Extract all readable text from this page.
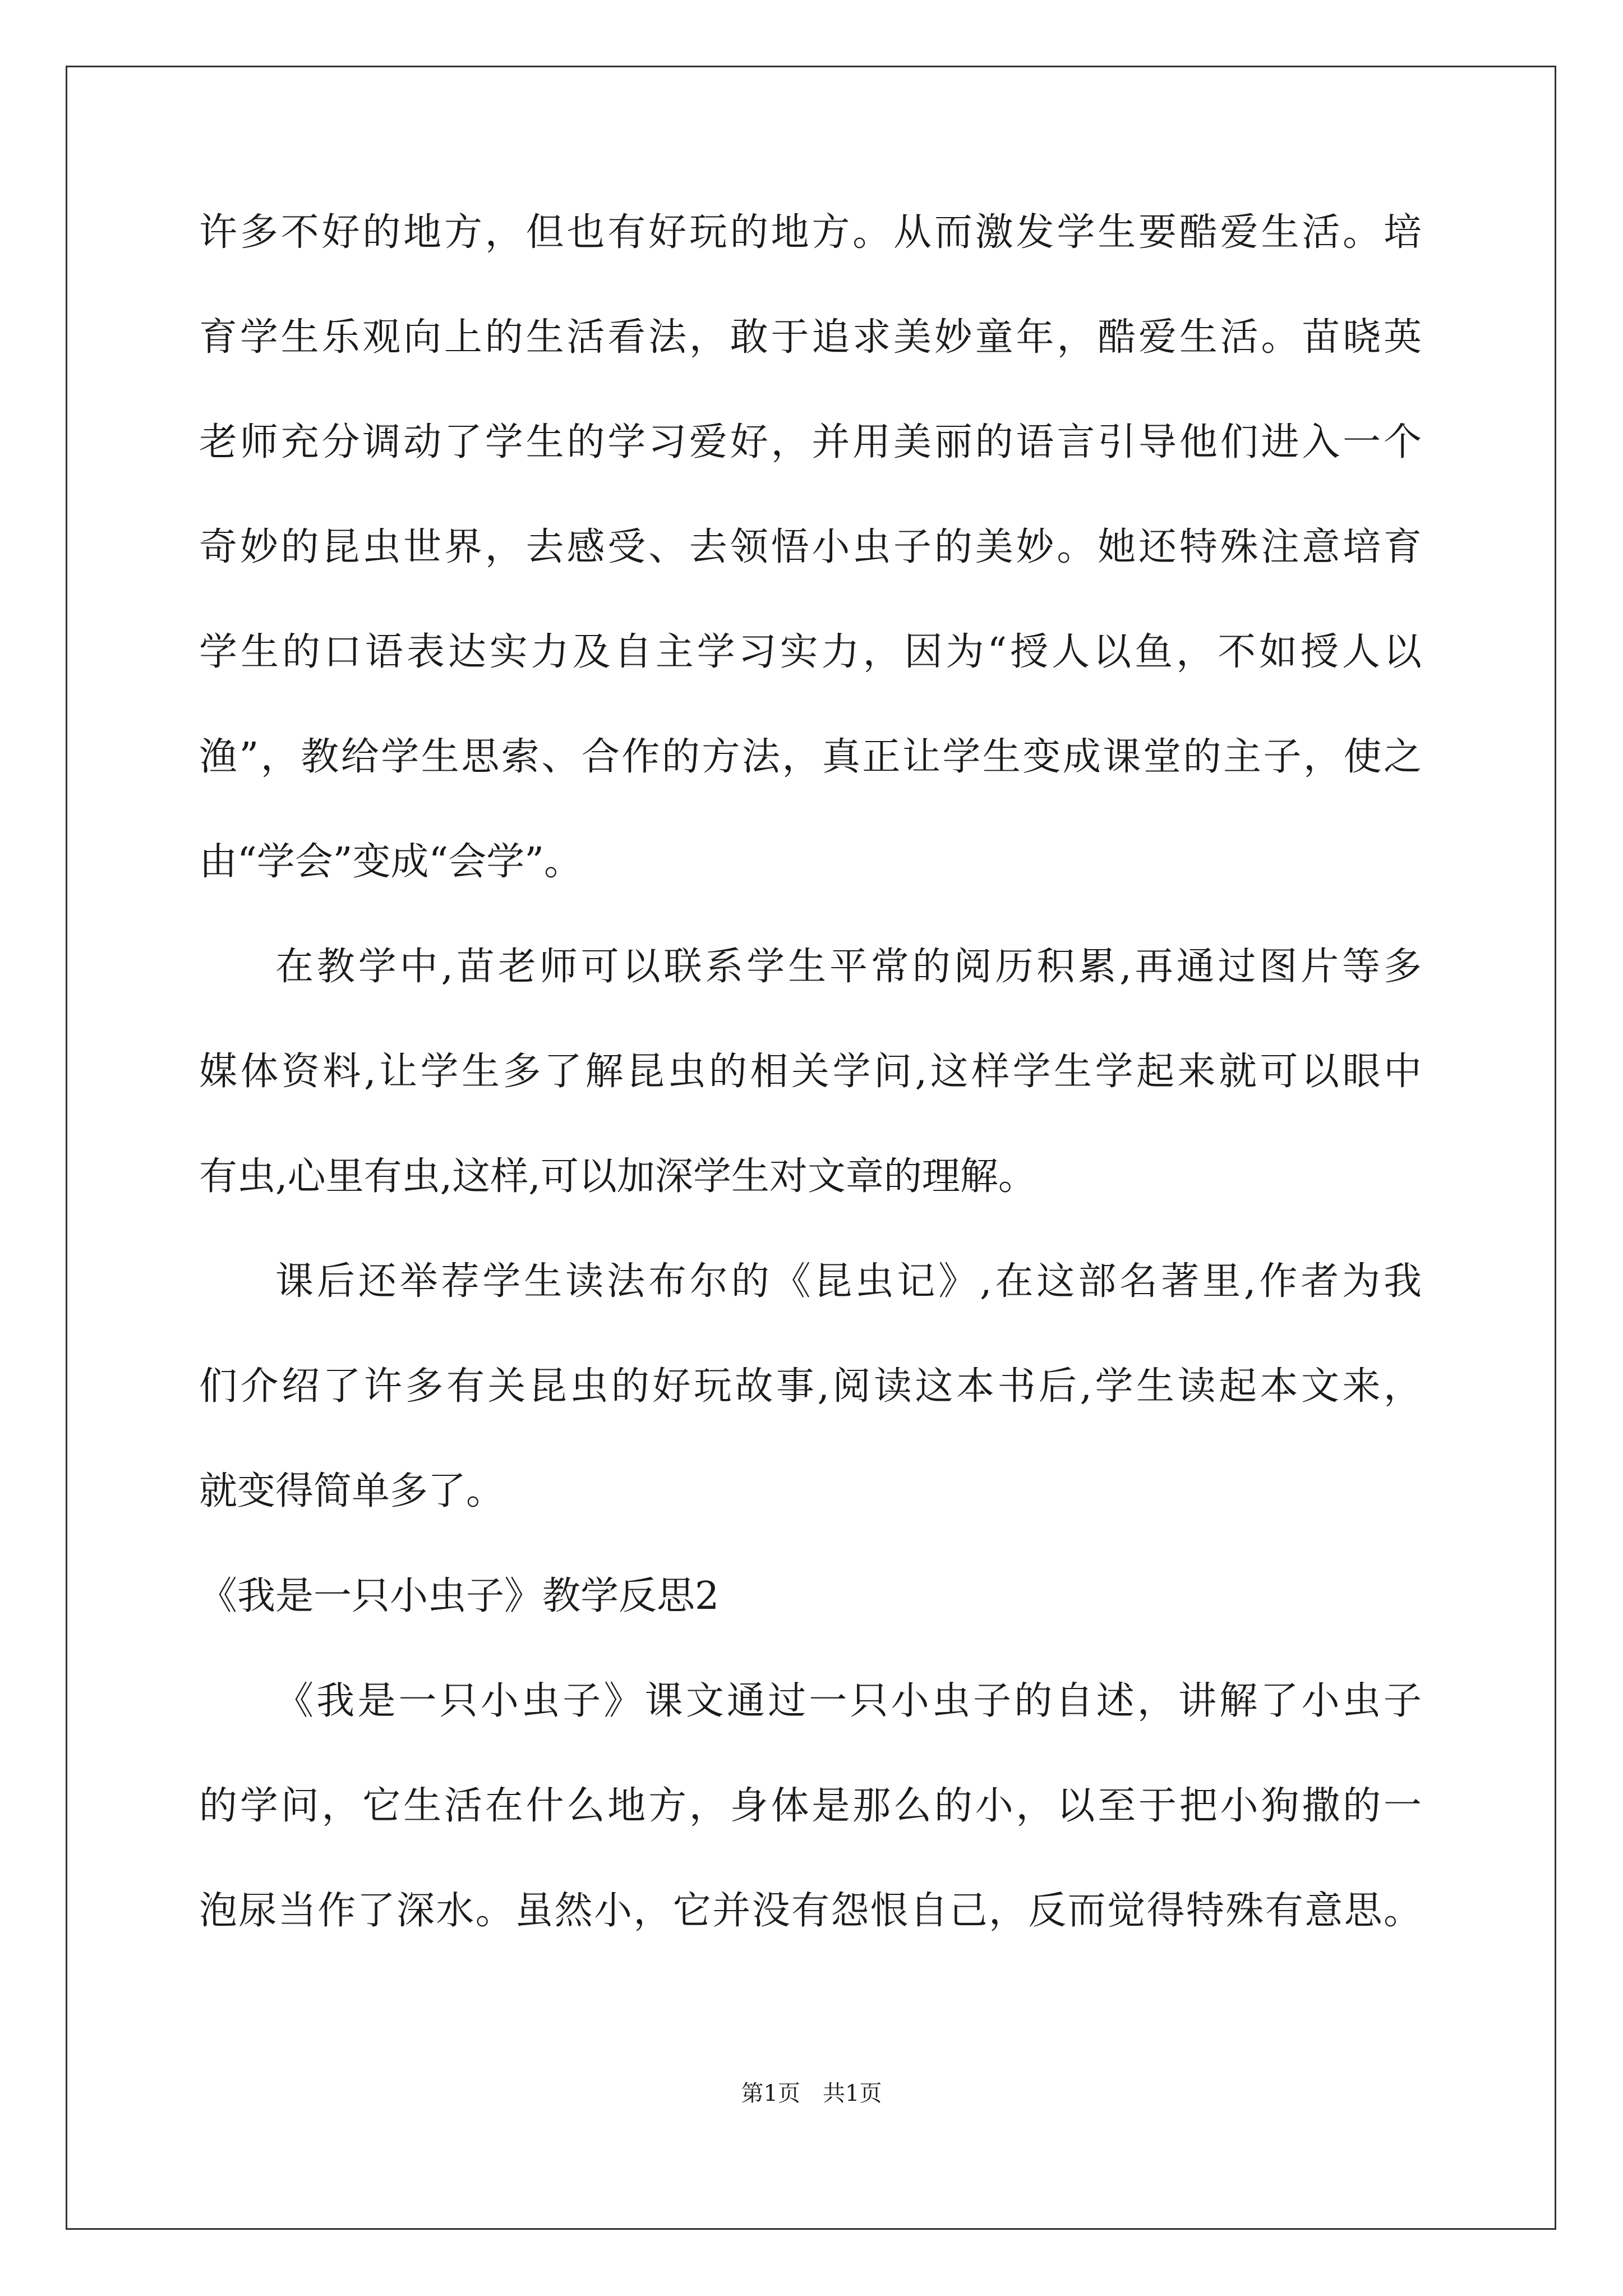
许多不好的地方，但也有好玩的地方。从而激发学生要酷爱生活。培
育学生乐观向上的生活看法，敢于追求美妙童年，酷爱生活。苗晓英
老师充分调动了学生的学习爱好，并用美丽的语言引导他们进入一个
奇妙的昆虫世界，去感受、去领悟小虫子的美妙。她还特殊注意培育
学生的口语表达实力及自主学习实力，因为“授人以鱼，不如授人以
渔”，教给学生思索、合作的方法，真正让学生变成课堂的主子，使之
由“学会”变成“会学”。
在教学中,苗老师可以联系学生平常的阅历积累,再通过图片等多
媒体资料,让学生多了解昆虫的相关学问,这样学生学起来就可以眼中
有虫,心里有虫,这样,可以加深学生对文章的理解。
课后还举荐学生读法布尔的《昆虫记》,在这部名著里,作者为我
们介绍了许多有关昆虫的好玩故事,阅读这本书后,学生读起本文来，
就变得简单多了。
《我是一只小虫子》教学反思2
《我是一只小虫子》课文通过一只小虫子的自述，讲解了小虫子
的学问，它生活在什么地方，身体是那么的小，以至于把小狗撒的一
泡尿当作了深水。虽然小，它并没有怨恨自己，反而觉得特殊有意思。
第1页　共1页
